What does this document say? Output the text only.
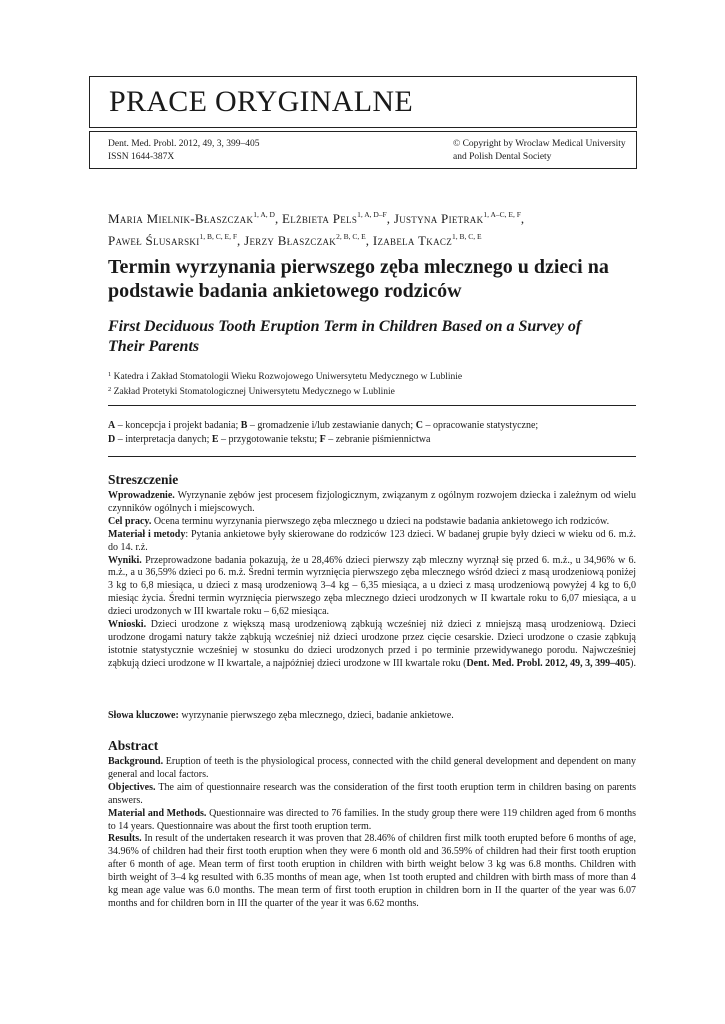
PRACE ORYGINALNE
Dent. Med. Probl. 2012, 49, 3, 399–405
ISSN 1644-387X
© Copyright by Wroclaw Medical University
and Polish Dental Society
Maria Mielnik-Błaszczak$^{1, A, D}$, Elżbieta Pels$^{1, A, D-F}$, Justyna Pietrak$^{1, A-C, E, F}$,
Paweł Ślusarski$^{1, B, C, E, F}$, Jerzy Błaszczak$^{2, B, C, E}$, Izabela Tkacz$^{1, B, C, E}$
Termin wyrzynania pierwszego zęba mlecznego u dzieci na podstawie badania ankietowego rodziców
First Deciduous Tooth Eruption Term in Children Based on a Survey of Their Parents
$^1$ Katedra i Zakład Stomatologii Wieku Rozwojowego Uniwersytetu Medycznego w Lublinie
$^2$ Zakład Protetyki Stomatologicznej Uniwersytetu Medycznego w Lublinie
A – koncepcja i projekt badania; B – gromadzenie i/lub zestawianie danych; C – opracowanie statystyczne;
D – interpretacja danych; E – przygotowanie tekstu; F – zebranie piśmiennictwa
Streszczenie

Wprowadzenie. Wyrzynanie zębów jest procesem fizjologicznym, związanym z ogólnym rozwojem dziecka i zależnym od wielu czynników ogólnych i miejscowych.

Cel pracy. Ocena terminu wyrzynania pierwszego zęba mlecznego u dzieci na podstawie badania ankietowego ich rodziców.

Materiał i metody: Pytania ankietowe były skierowane do rodziców 123 dzieci. W badanej grupie były dzieci w wieku od 6. m.ż. do 14. r.ż.

Wyniki. Przeprowadzone badania pokazują, że u 28,46% dzieci pierwszy ząb mleczny wyrznął się przed 6. m.ż., u 34,96% w 6. m.ż., a u 36,59% dzieci po 6. m.ż. Średni termin wyrznięcia pierwszego zęba mlecznego wśród dzieci z masą urodzeniową poniżej 3 kg to 6,8 miesiąca, u dzieci z masą urodzeniową 3–4 kg – 6,35 miesiąca, a u dzieci z masą urodzeniową powyżej 4 kg to 6,0 miesiąc życia. Średni termin wyrznięcia pierwszego zęba mlecznego dzieci urodzonych w II kwartale roku to 6,07 miesiąca, a u dzieci urodzonych w III kwartale roku – 6,62 miesiąca.

Wnioski. Dzieci urodzone z większą masą urodzeniową ząbkują wcześniej niż dzieci z mniejszą masą urodzeniową. Dzieci urodzone drogami natury także ząbkują wcześniej niż dzieci urodzone przez cięcie cesarskie. Dzieci urodzone o czasie ząbkują istotnie statystycznie wcześniej w stosunku do dzieci urodzonych przed i po terminie przewidywanego porodu. Najwcześniej ząbkują dzieci urodzone w II kwartale, a najpóźniej dzieci urodzone w III kwartale roku (Dent. Med. Probl. 2012, 49, 3, 399–405).

Słowa kluczowe: wyrzynanie pierwszego zęba mlecznego, dzieci, badanie ankietowe.
Abstract

Background. Eruption of teeth is the physiological process, connected with the child general development and dependent on many general and local factors.

Objectives. The aim of questionnaire research was the consideration of the first tooth eruption term in children basing on parents answers.

Material and Methods. Questionnaire was directed to 76 families. In the study group there were 119 children aged from 6 months to 14 years. Questionnaire was about the first tooth eruption term.

Results. In result of the undertaken research it was proven that 28.46% of children first milk tooth erupted before 6 months of age, 34.96% of children had their first tooth eruption when they were 6 month old and 36.59% of children had their first tooth eruption after 6 month of age. Mean term of first tooth eruption in children with birth weight below 3 kg was 6.8 months. Children with birth weight of 3–4 kg resulted with 6.35 months of mean age, when 1st tooth erupted and children with birth mass of more than 4 kg mean age value was 6.0 months. The mean term of first tooth eruption in children born in II the quarter of the year was 6.07 months and for children born in III the quarter of the year it was 6.62 months.
